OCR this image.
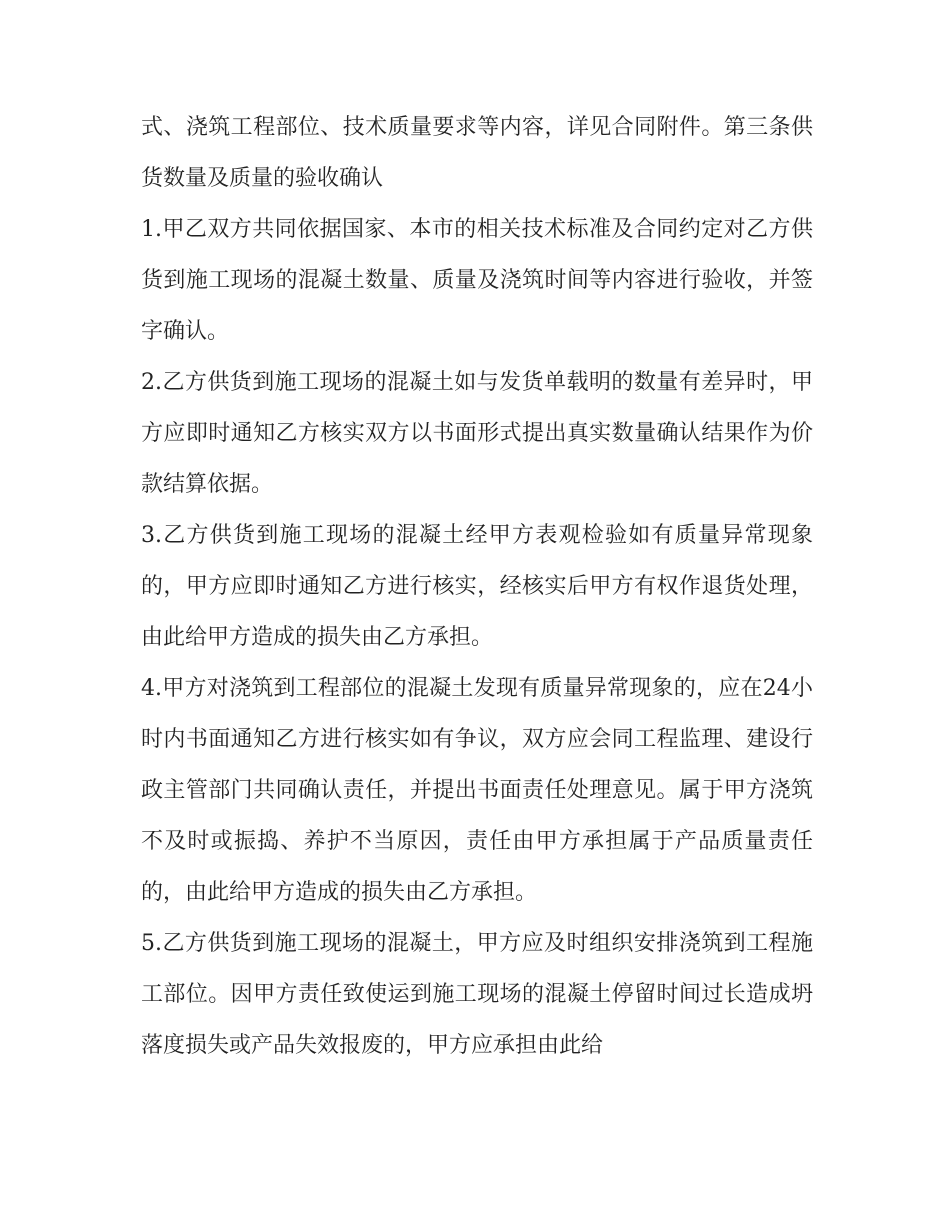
式、浇筑工程部位、技术质量要求等内容，详见合同附件。第三条供货数量及质量的验收确认

1.甲乙双方共同依据国家、本市的相关技术标准及合同约定对乙方供货到施工现场的混凝土数量、质量及浇筑时间等内容进行验收，并签字确认。

2.乙方供货到施工现场的混凝土如与发货单载明的数量有差异时，甲方应即时通知乙方核实双方以书面形式提出真实数量确认结果作为价款结算依据。

3.乙方供货到施工现场的混凝土经甲方表观检验如有质量异常现象的，甲方应即时通知乙方进行核实，经核实后甲方有权作退货处理，由此给甲方造成的损失由乙方承担。

4.甲方对浇筑到工程部位的混凝土发现有质量异常现象的，应在24小时内书面通知乙方进行核实如有争议，双方应会同工程监理、建设行政主管部门共同确认责任，并提出书面责任处理意见。属于甲方浇筑不及时或振捣、养护不当原因，责任由甲方承担属于产品质量责任的，由此给甲方造成的损失由乙方承担。

5.乙方供货到施工现场的混凝土，甲方应及时组织安排浇筑到工程施工部位。因甲方责任致使运到施工现场的混凝土停留时间过长造成坍落度损失或产品失效报废的，甲方应承担由此给
